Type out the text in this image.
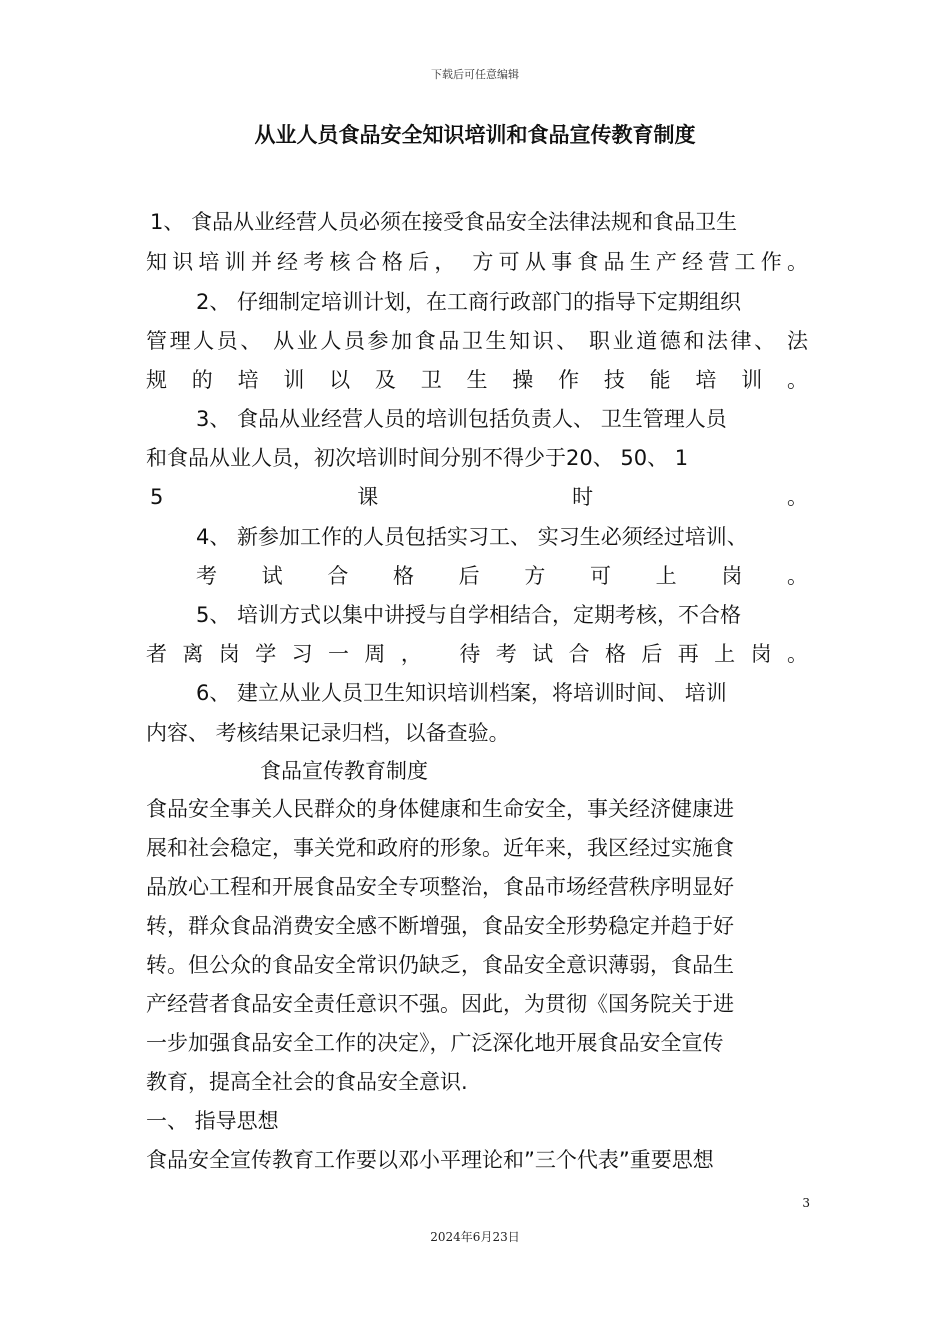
下载后可任意编辑
从业人员食品安全知识培训和食品宣传教育制度
1、 食品从业经营人员必须在接受食品安全法律法规和食品卫生
知识培训并经考核合格后， 方可从事食品生产经营工作。
2、 仔细制定培训计划，在工商行政部门的指导下定期组织
管理人员、 从业人员参加食品卫生知识、 职业道德和法律、 法
规的培训以及卫生操作技能培训。
3、 食品从业经营人员的培训包括负责人、 卫生管理人员
和食品从业人员，初次培训时间分别不得少于20、 50、 1
5课时。
4、 新参加工作的人员包括实习工、 实习生必须经过培训、
考试合格后方可上岗。
5、 培训方式以集中讲授与自学相结合，定期考核，不合格
者离岗学习一周， 待考试合格后再上岗。
6、 建立从业人员卫生知识培训档案，将培训时间、 培训
内容、 考核结果记录归档，以备查验。
食品宣传教育制度
食品安全事关人民群众的身体健康和生命安全，事关经济健康进
展和社会稳定，事关党和政府的形象。近年来，我区经过实施食
品放心工程和开展食品安全专项整治，食品市场经营秩序明显好
转，群众食品消费安全感不断增强，食品安全形势稳定并趋于好
转。但公众的食品安全常识仍缺乏，食品安全意识薄弱，食品生
产经营者食品安全责任意识不强。因此，为贯彻《国务院关于进
一步加强食品安全工作的决定》，广泛深化地开展食品安全宣传
教育，提高全社会的食品安全意识.
一、 指导思想
食品安全宣传教育工作要以邓小平理论和”三个代表”重要思想
3
2024年6月23日
